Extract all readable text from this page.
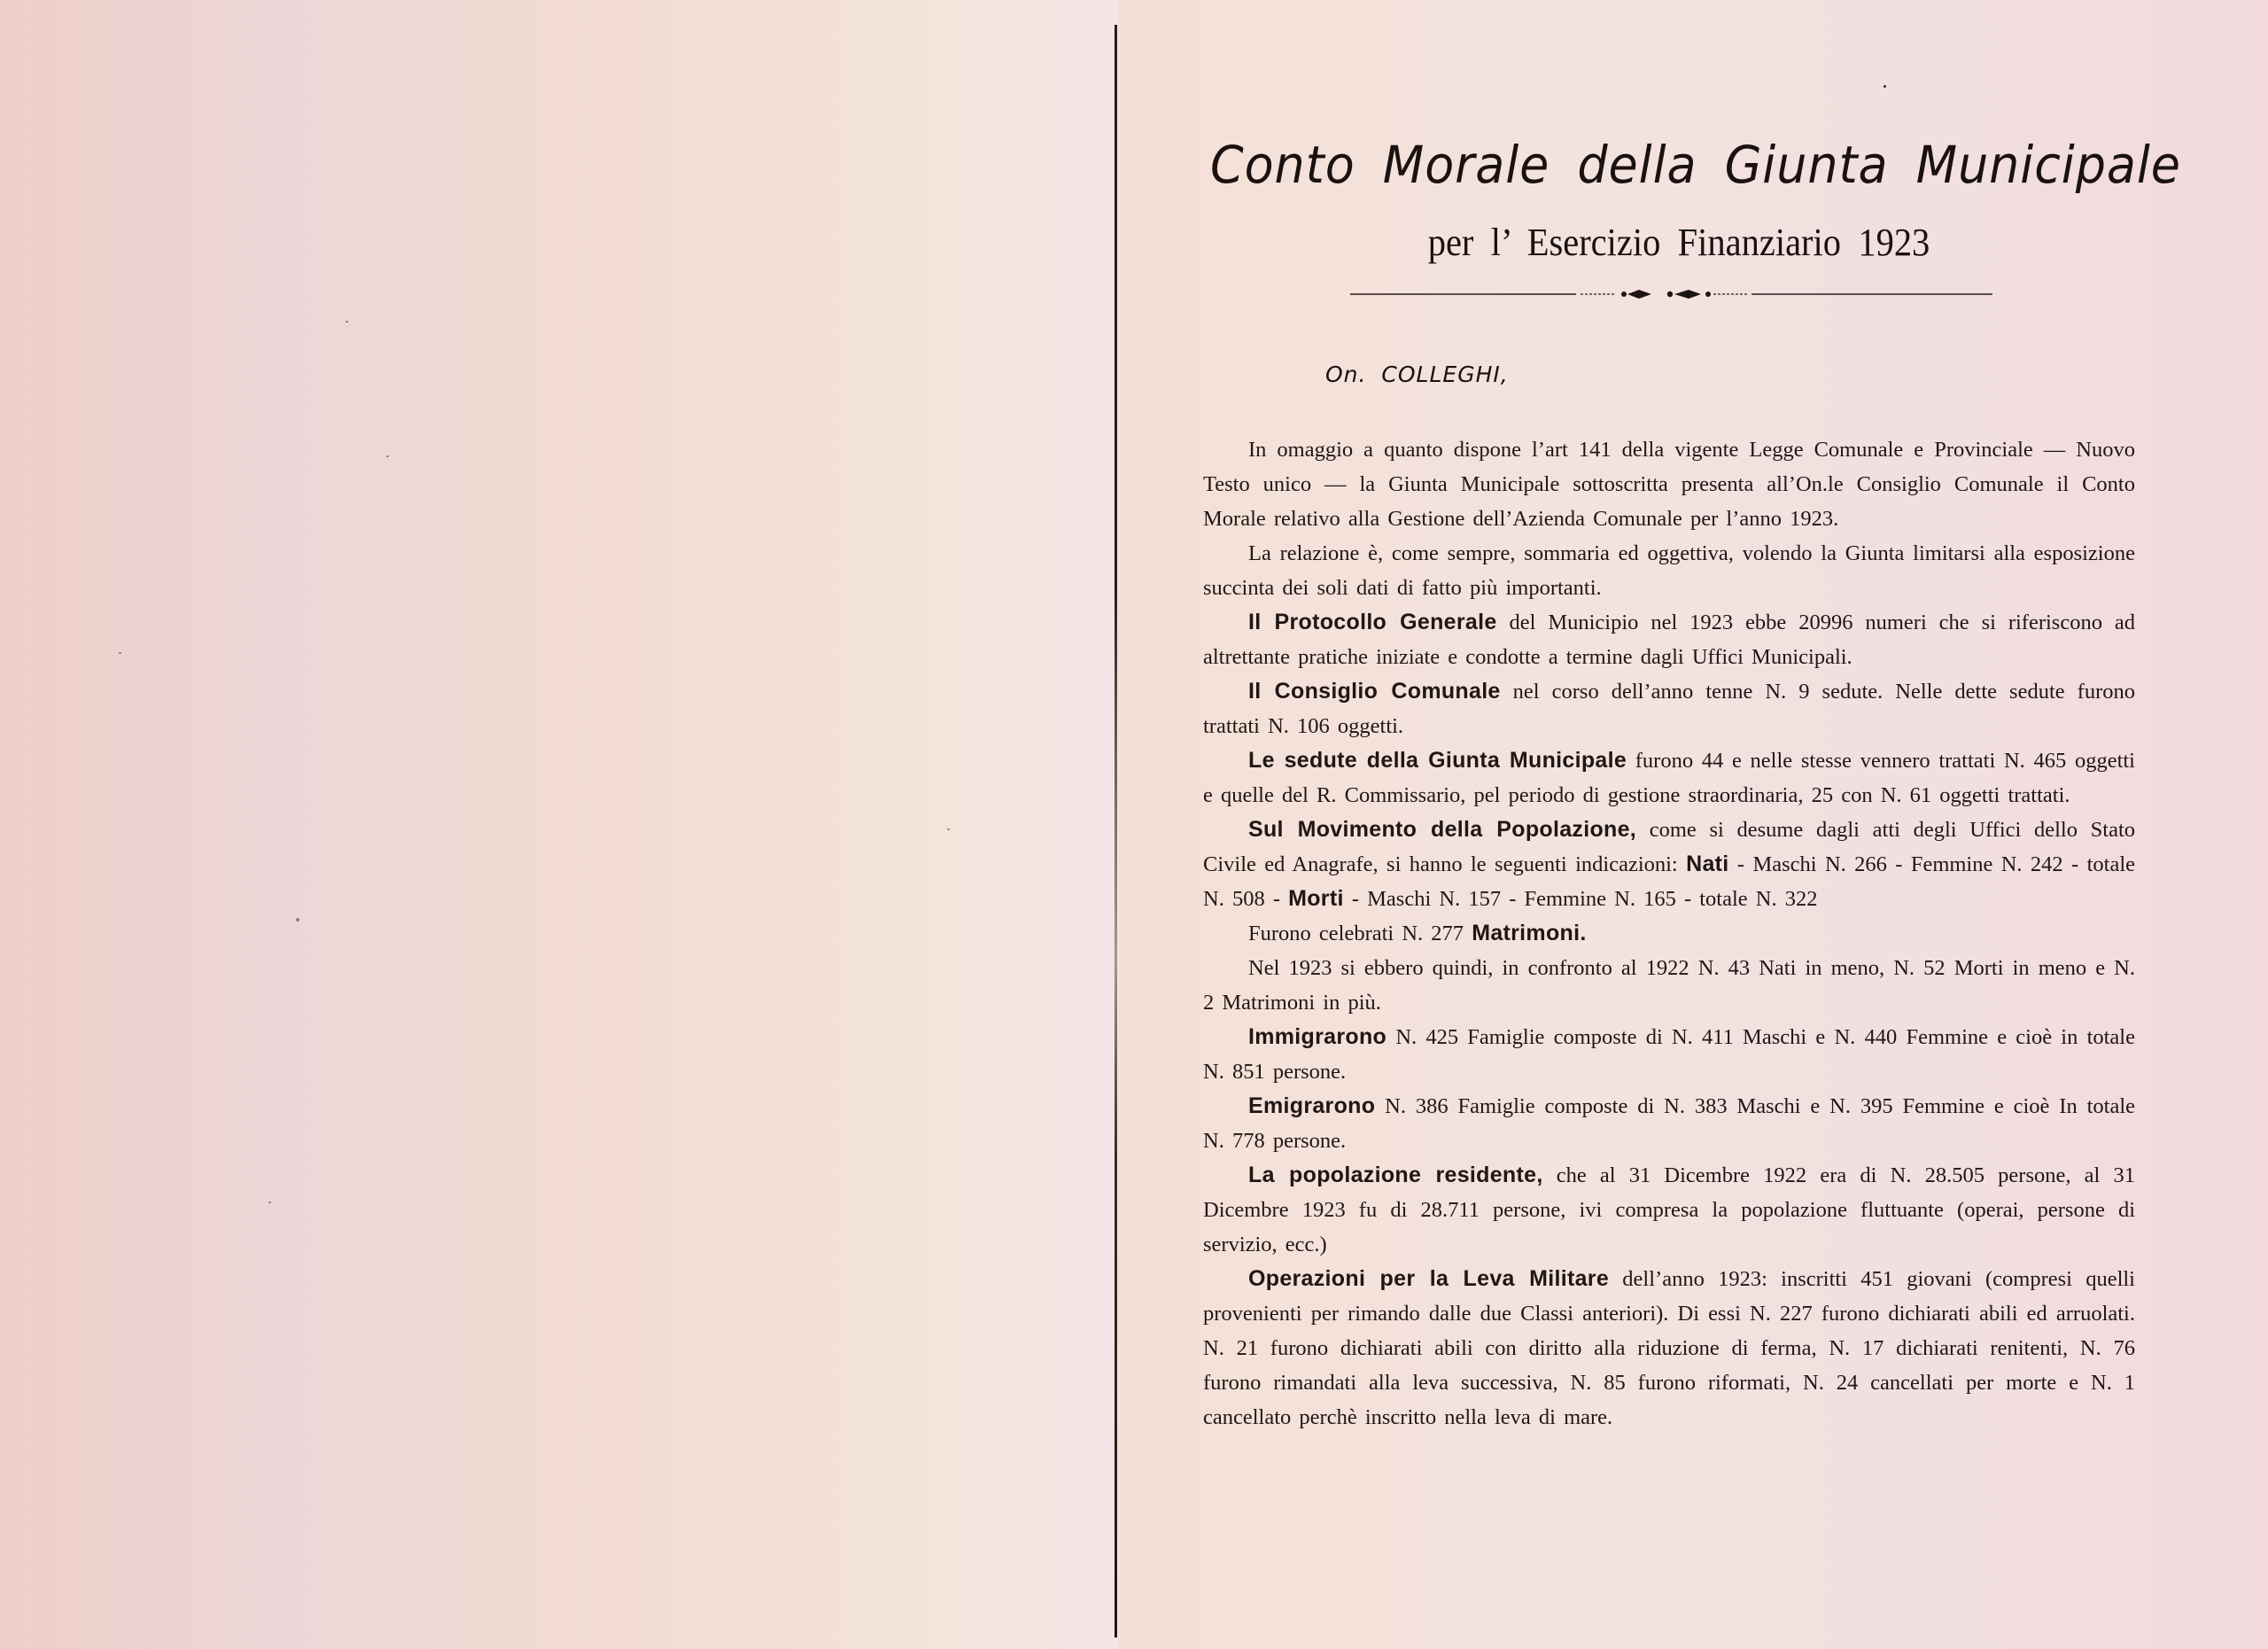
Conto Morale della Giunta Municipale
per l’ Esercizio Finanziario 1923
On. COLLEGHI,

In omaggio a quanto dispone l’art 141 della vigente Legge Comunale e Provinciale — Nuovo Testo unico — la Giunta Municipale sottoscritta presenta all’On.le Consiglio Comunale il Conto Morale relativo alla Gestione dell’Azienda Comunale per l’anno 1923.

La relazione è, come sempre, sommaria ed oggettiva, volendo la Giunta limitarsi alla esposizione succinta dei soli dati di fatto più importanti.

Il Protocollo Generale del Municipio nel 1923 ebbe 20996 numeri che si riferiscono ad altrettante pratiche iniziate e condotte a termine dagli Uffici Municipali.

Il Consiglio Comunale nel corso dell’anno tenne N. 9 sedute. Nelle dette sedute furono trattati N. 106 oggetti.

Le sedute della Giunta Municipale furono 44 e nelle stesse vennero trattati N. 465 oggetti e quelle del R. Commissario, pel periodo di gestione straordinaria, 25 con N. 61 oggetti trattati.

Sul Movimento della Popolazione, come si desume dagli atti degli Uffici dello Stato Civile ed Anagrafe, si hanno le seguenti indicazioni: Nati - Maschi N. 266 - Femmine N. 242 - totale N. 508 - Morti - Maschi N. 157 - Femmine N. 165 - totale N. 322

Furono celebrati N. 277 Matrimoni.

Nel 1923 si ebbero quindi, in confronto al 1922 N. 43 Nati in meno, N. 52 Morti in meno e N. 2 Matrimoni in più.

Immigrarono N. 425 Famiglie composte di N. 411 Maschi e N. 440 Femmine e cioè in totale N. 851 persone.

Emigrarono N. 386 Famiglie composte di N. 383 Maschi e N. 395 Femmine e cioè In totale N. 778 persone.

La popolazione residente, che al 31 Dicembre 1922 era di N. 28.505 persone, al 31 Dicembre 1923 fu di 28.711 persone, ivi compresa la popolazione fluttuante (operai, persone di servizio, ecc.)

Operazioni per la Leva Militare dell’anno 1923: inscritti 451 giovani (compresi quelli provenienti per rimando dalle due Classi anteriori). Di essi N. 227 furono dichiarati abili ed arruolati. N. 21 furono dichiarati abili con diritto alla riduzione di ferma, N. 17 dichiarati renitenti, N. 76 furono rimandati alla leva successiva, N. 85 furono riformati, N. 24 cancellati per morte e N. 1 cancellato perchè inscritto nella leva di mare.
